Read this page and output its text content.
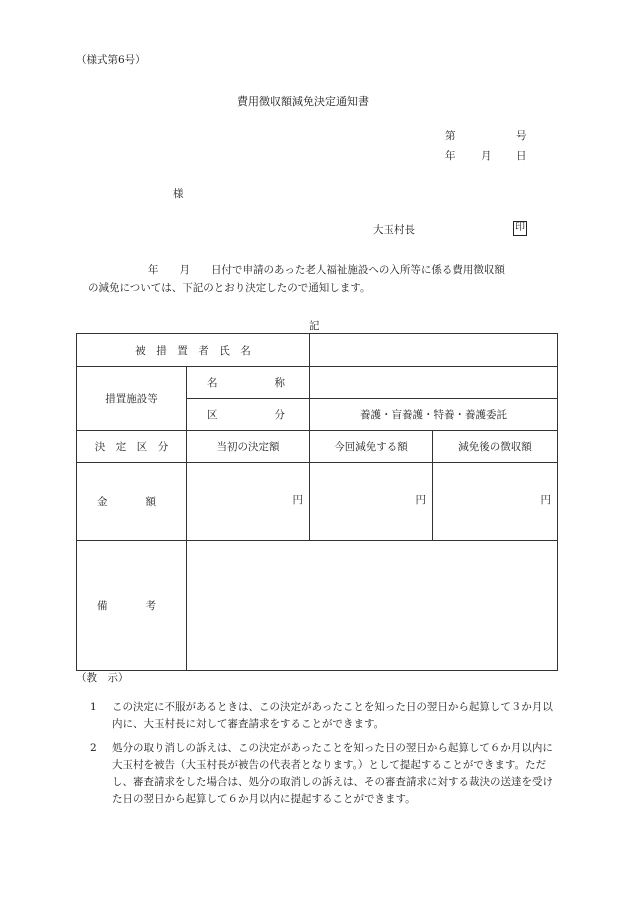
（様式第6号）
費用徴収額減免決定通知書
第	号
年 月 日
様
大玉村長	印
年　　月　　日付で申請のあった老人福祉施設への入所等に係る費用徴収額
の減免については、下記のとおり決定したので通知します。
記
被　措　置　者　氏　名			
措置施設等	名 称		

	区 分	養護・盲養護・特養・養護委託	
決　定　区　分	当初の決定額	今回減免する額	減免後の徴収額

金 額	円	円	円

備 考			

（教　示）
1	この決定に不服があるときは、この決定があったことを知った日の翌日から起算して３か月以内に、大玉村長に対して審査請求をすることができます。
2	処分の取り消しの訴えは、この決定があったことを知った日の翌日から起算して６か月以内に大玉村を被告（大玉村長が被告の代表者となります。）として提起することができます。ただし、審査請求をした場合は、処分の取消しの訴えは、その審査請求に対する裁決の送達を受けた日の翌日から起算して６か月以内に提起することができます。
